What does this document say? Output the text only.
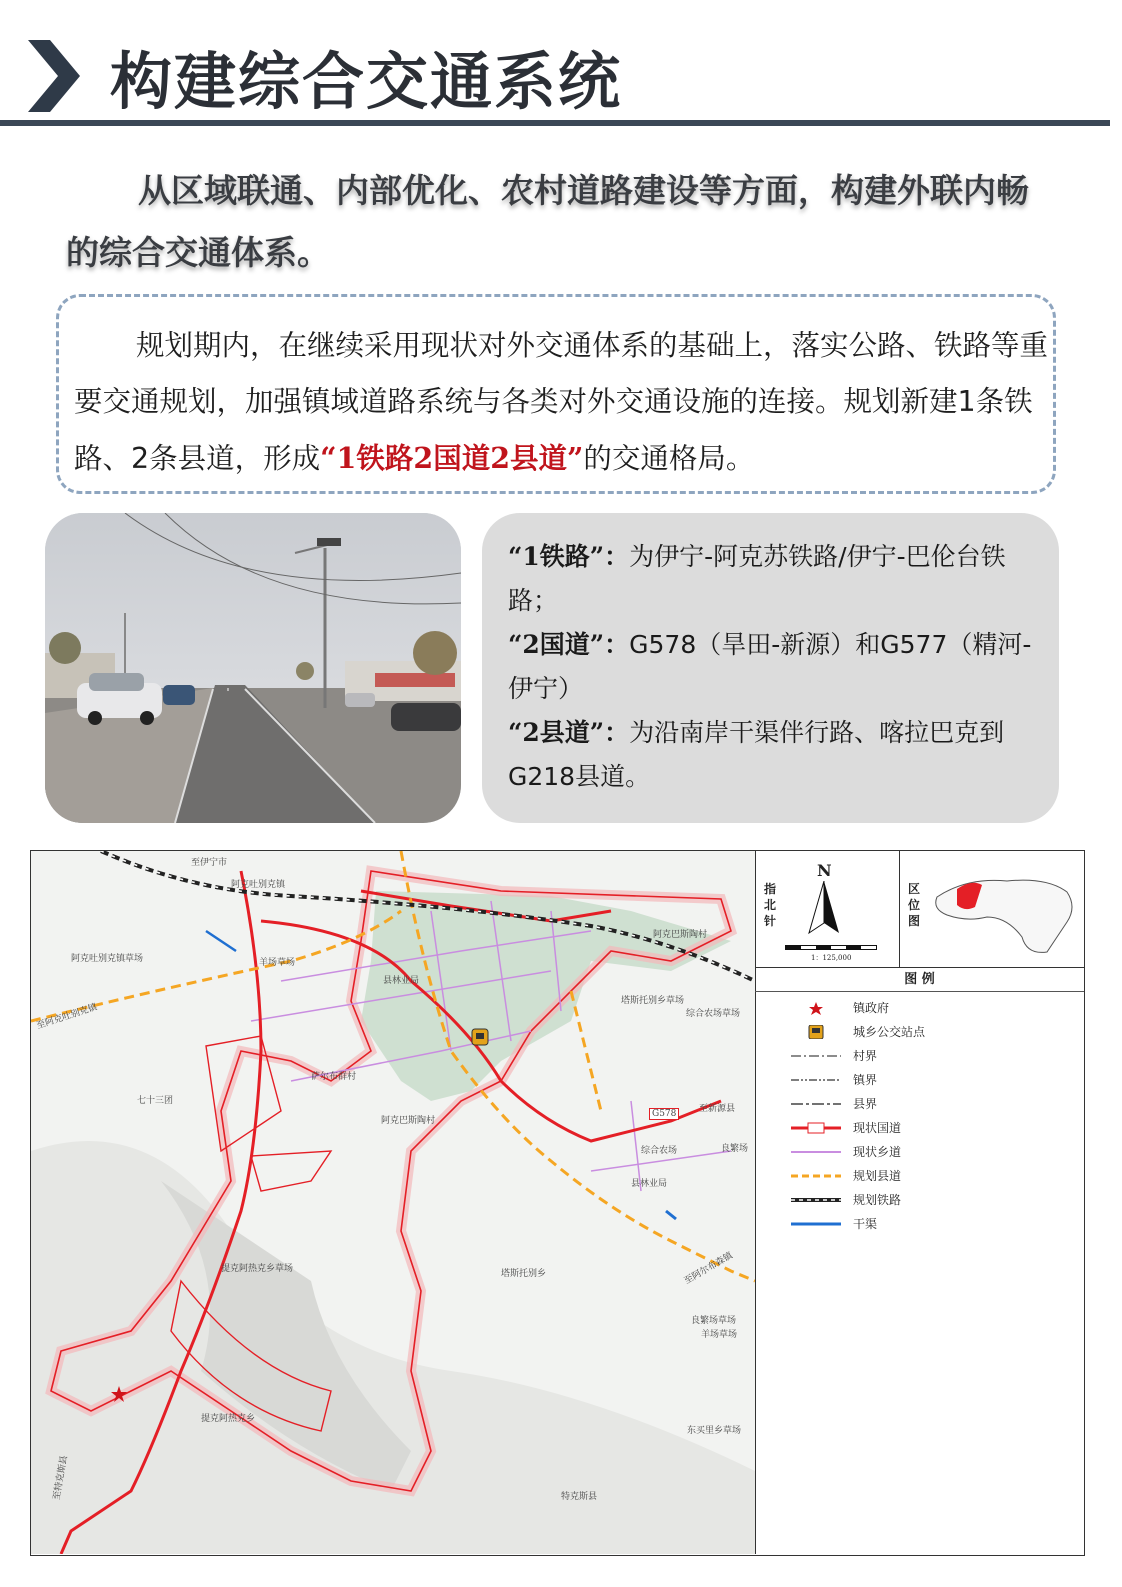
构建综合交通系统
从区域联通、内部优化、农村道路建设等方面，构建外联内畅的综合交通体系。
规划期内，在继续采用现状对外交通体系的基础上，落实公路、铁路等重要交通规划，加强镇域道路系统与各类对外交通设施的连接。规划新建1条铁路、2条县道，形成“1铁路2国道2县道”的交通格局。

“1铁路”：为伊宁-阿克苏铁路/伊宁-巴伦台铁路；

“2国道”：G578（旱田-新源）和G577（精河-伊宁）

“2县道”：为沿南岸干渠伴行路、喀拉巴克到G218县道。

至伊宁市
阿克吐别克镇
至阿克吐别克镇
阿克吐别克镇草场	羊场草场
县林业局
七十三团
萨尔布群村
阿克巴斯陶村
提克阿热克乡草场	塔斯托别乡
塔斯托别乡草场
综合农场草场
综合农场
县林业局
良繁场
至新源县
至阿尔布森镇
良繁场草场
羊场草场
东买里乡草场
特克斯县
至特克斯县
G578
阿克巴斯陶村
提克阿热克乡
指北针
N
1：125,000
区位图
图 例
镇政府
城乡公交站点
村界
镇界
县界
现状国道
现状乡道
规划县道
规划铁路
干渠
